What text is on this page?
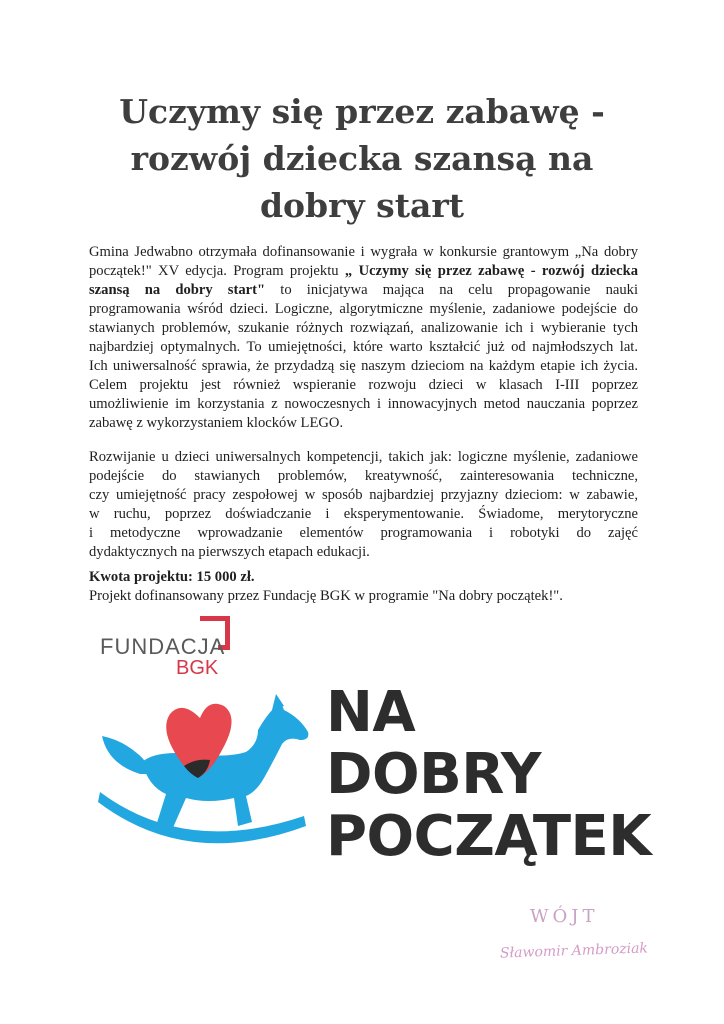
Uczymy się przez zabawę -
rozwój dziecka szansą na
dobry start
Gmina Jedwabno otrzymała dofinansowanie i wygrała w konkursie grantowym „Na dobry
początek!" XV edycja. Program projektu „ Uczymy się przez zabawę - rozwój dziecka
szansą na dobry start" to inicjatywa mająca na celu propagowanie nauki
programowania wśród dzieci. Logiczne, algorytmiczne myślenie, zadaniowe podejście do
stawianych problemów, szukanie różnych rozwiązań, analizowanie ich i wybieranie tych
najbardziej optymalnych. To umiejętności, które warto kształcić już od najmłodszych lat.
Ich uniwersalność sprawia, że przydadzą się naszym dzieciom na każdym etapie ich życia.
Celem projektu jest również wspieranie rozwoju dzieci w klasach I-III poprzez
umożliwienie im korzystania z nowoczesnych i innowacyjnych metod nauczania poprzez
zabawę z wykorzystaniem klocków LEGO.
Rozwijanie u dzieci uniwersalnych kompetencji, takich jak: logiczne myślenie, zadaniowe
podejście do stawianych problemów, kreatywność, zainteresowania techniczne,
czy umiejętność pracy zespołowej w sposób najbardziej przyjazny dzieciom: w zabawie,
w ruchu, poprzez doświadczanie i eksperymentowanie. Świadome, merytoryczne
i metodyczne wprowadzanie elementów programowania i robotyki do zajęć
dydaktycznych na pierwszych etapach edukacji.
Kwota projektu: 15 000 zł.
Projekt dofinansowany przez Fundację BGK w programie "Na dobry początek!".
FUNDACJA
BGK
NA
DOBRY
POCZĄTEK
WÓJT
Sławomir Ambroziak
